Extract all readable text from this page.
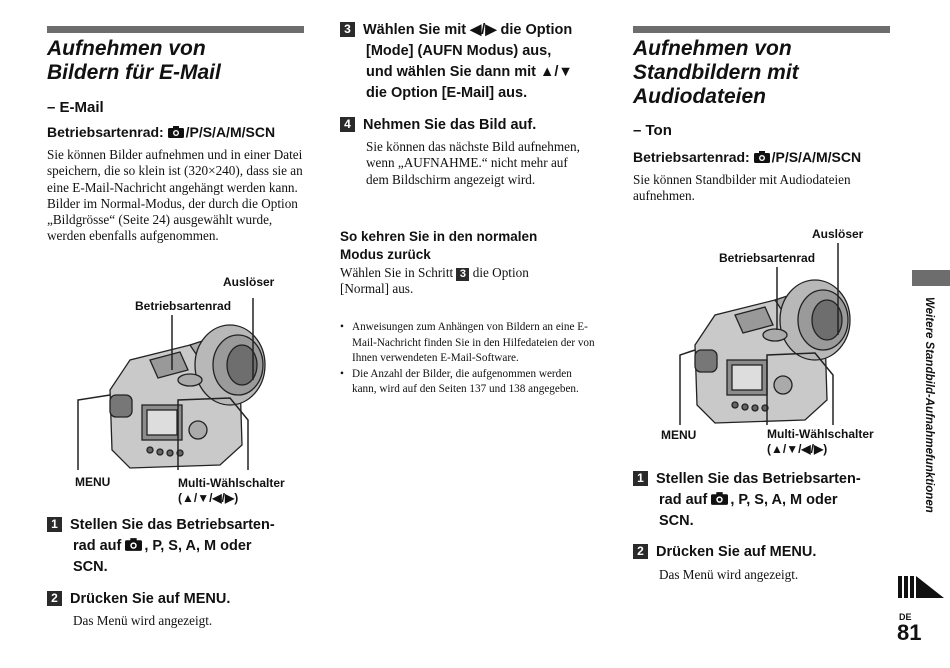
Aufnehmen von
Bildern für E-Mail
– E-Mail
Betriebsartenrad: /P/S/A/M/SCN

Sie können Bilder aufnehmen und in einer Datei speichern, die so klein ist (320×240), dass sie an eine E-Mail-Nachricht angehängt werden kann. Bilder im Normal-Modus, der durch die Option „Bildgrösse“ (Seite 24) ausgewählt wurde, werden ebenfalls aufgenommen.

Auslöser
Betriebsartenrad
MENU	Multi-Wählschalter
(▲/▼/◀/▶)
1 Stellen Sie das Betriebsarten-
rad auf , P, S, A, M oder
SCN.
2 Drücken Sie auf MENU.

Das Menü wird angezeigt.

3 Wählen Sie mit ◀/▶ die Option
[Mode] (AUFN Modus) aus,
und wählen Sie dann mit ▲/▼
die Option [E-Mail] aus.
4 Nehmen Sie das Bild auf.

Sie können das nächste Bild aufnehmen, wenn „AUFNAHME.“ nicht mehr auf dem Bildschirm angezeigt wird.

So kehren Sie in den normalen
Modus zurück

Wählen Sie in Schritt 3 die Option
[Normal] aus.

• Anweisungen zum Anhängen von Bildern an eine E-Mail-Nachricht finden Sie in den Hilfedateien der von Ihnen verwendeten E-Mail-Software.
• Die Anzahl der Bilder, die aufgenommen werden kann, wird auf den Seiten 137 und 138 angegeben.
Aufnehmen von
Standbildern mit
Audiodateien
– Ton
Betriebsartenrad: /P/S/A/M/SCN

Sie können Standbilder mit Audiodateien aufnehmen.

Auslöser
Betriebsartenrad
MENU	Multi-Wählschalter
(▲/▼/◀/▶)
1 Stellen Sie das Betriebsarten-
rad auf , P, S, A, M oder
SCN.
2 Drücken Sie auf MENU.

Das Menü wird angezeigt.

Weitere Standbild-Aufnahmefunktionen
DE
81
